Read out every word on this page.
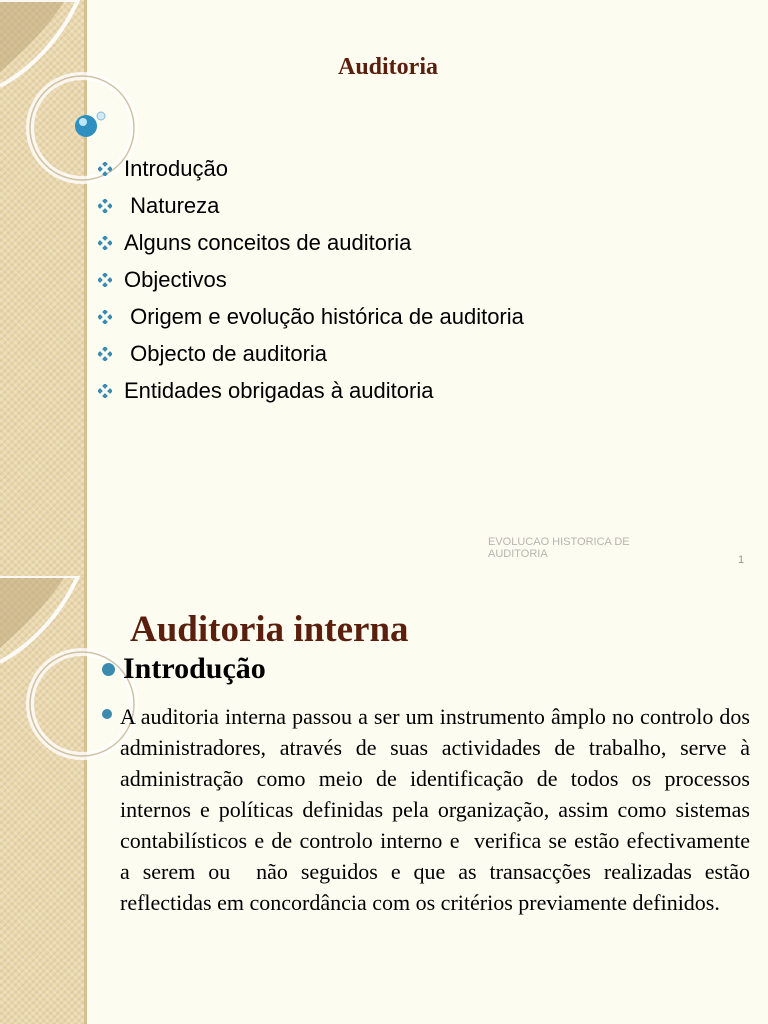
Auditoria
Introdução
Natureza
Alguns conceitos de auditoria
Objectivos
Origem e evolução histórica de auditoria
Objecto de auditoria
Entidades obrigadas à auditoria
EVOLUCAO HISTORICA DE AUDITORIA	1
Auditoria interna
Introdução

A auditoria interna passou a ser um instrumento âmplo no controlo dos administradores, através de suas actividades de trabalho, serve à administração como meio de identificação de todos os processos internos e políticas definidas pela organização, assim como sistemas contabilísticos e de controlo interno e  verifica se estão efectivamente  a serem ou  não seguidos e que as transacções realizadas estão reflectidas em concordância com os critérios previamente definidos.
